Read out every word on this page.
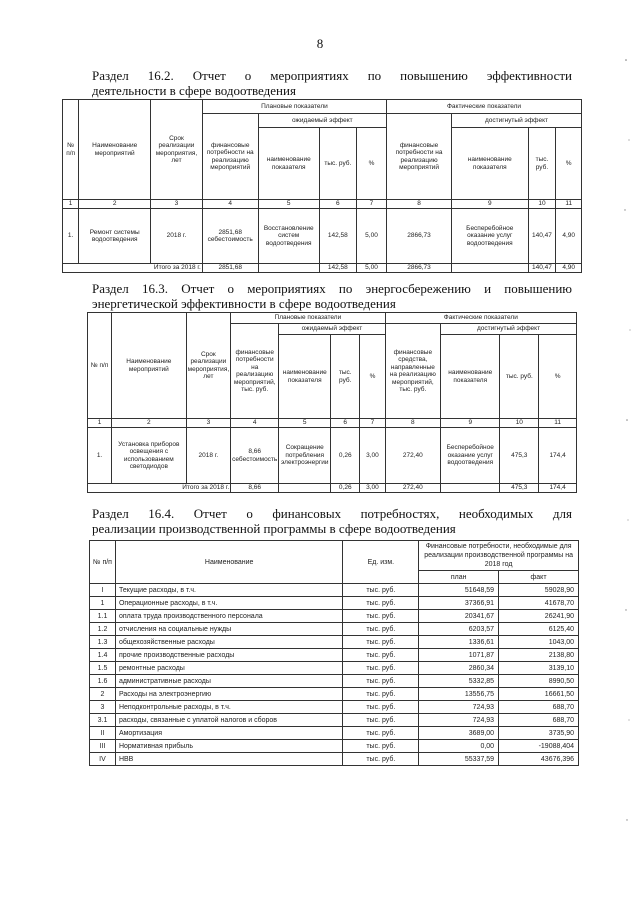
8
Раздел 16.2. Отчет о мероприятиях по повышению эффективности
деятельности в сфере водоотведения
№ п/п	Наименование мероприятий	Срок реализации мероприятия, лет	Плановые показатели				Фактические показатели			
			финансовые потребности на реализацию мероприятий	ожидаемый эффект			финансовые потребности на реализацию мероприятий	достигнутый эффект		
				наименование показателя	тыс. руб.	%		наименование показателя	тыс. руб.	%
1	2	3	4	5	6	7	8	9	10	11
1.	Ремонт системы водоотведения	2018 г.	2851,68 себестоимость	Восстановление систем водоотведения	142,58	5,00	2866,73	Бесперебойное оказание услуг водоотведения	140,47	4,90
Итого за 2018 г.			2851,68		142,58	5,00	2866,73		140,47	4,90
Раздел 16.3. Отчет о мероприятиях по энергосбережению и повышению
энергетической эффективности в сфере водоотведения
№ п/п	Наименование мероприятий	Срок реализации мероприятия, лет	Плановые показатели				Фактические показатели			
			финансовые потребности на реализацию мероприятий, тыс. руб.	ожидаемый эффект			финансовые средства, направленные на реализацию мероприятий, тыс. руб.	достигнутый эффект		
				наименование показателя	тыс. руб.	%		наименование показателя	тыс. руб.	%
1	2	3	4	5	6	7	8	9	10	11
1.	Установка приборов освещения с использованием светодиодов	2018 г.	8,66 себестоимость	Сокращение потребления электроэнергии	0,26	3,00	272,40	Бесперебойное оказание услуг водоотведения	475,3	174,4
Итого за 2018 г.			8,66		0,26	3,00	272,40		475,3	174,4
Раздел 16.4. Отчет о финансовых потребностях, необходимых для
реализации производственной программы в сфере водоотведения
№ п/п	Наименование	Ед. изм.	Финансовые потребности, необходимые для реализации производственной программы на 2018 год	
			план	факт
I	Текущие расходы, в т.ч.	тыс. руб.	51648,59	59028,90
1	Операционные расходы, в т.ч.	тыс. руб.	37366,91	41678,70
1.1	оплата труда производственного персонала	тыс. руб.	20341,67	26241,90
1.2	отчисления на социальные нужды	тыс. руб.	6203,57	6125,40
1.3	общехозяйственные расходы	тыс. руб.	1336,61	1043,00
1.4	прочие производственные расходы	тыс. руб.	1071,87	2138,80
1.5	ремонтные расходы	тыс. руб.	2860,34	3139,10
1.6	административные расходы	тыс. руб.	5332,85	8990,50
2	Расходы на электроэнергию	тыс. руб.	13556,75	16661,50
3	Неподконтрольные расходы, в т.ч.	тыс. руб.	724,93	688,70
3.1	расходы, связанные с уплатой налогов и сборов	тыс. руб.	724,93	688,70
II	Амортизация	тыс. руб.	3689,00	3735,90
III	Нормативная прибыль	тыс. руб.	0,00	-19088,404
IV	НВВ	тыс. руб.	55337,59	43676,396
